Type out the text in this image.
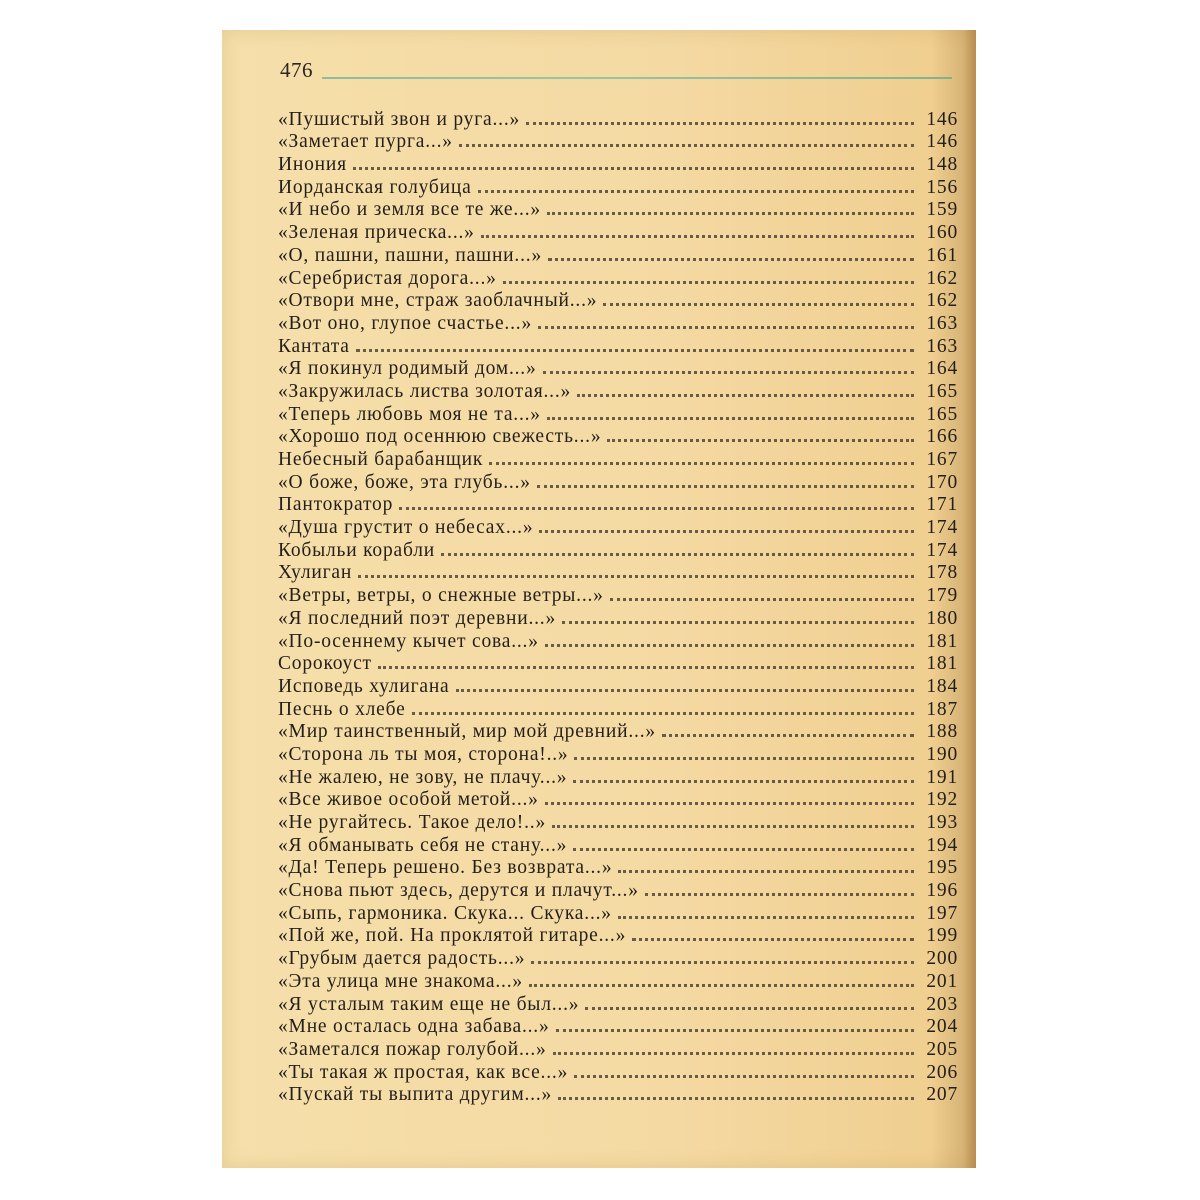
476
«Пушистый звон и руга...»	146
«Заметает пурга...»	146
Инония	148
Иорданская голубица	156
«И небо и земля все те же...»	159
«Зеленая прическа...»	160
«О, пашни, пашни, пашни...»	161
«Серебристая дорога...»	162
«Отвори мне, страж заоблачный...»	162
«Вот оно, глупое счастье...»	163
Кантата	163
«Я покинул родимый дом...»	164
«Закружилась листва золотая...»	165
«Теперь любовь моя не та...»	165
«Хорошо под осеннюю свежесть...»	166
Небесный барабанщик	167
«О боже, боже, эта глубь...»	170
Пантократор	171
«Душа грустит о небесах...»	174
Кобыльи корабли	174
Хулиган	178
«Ветры, ветры, о снежные ветры...»	179
«Я последний поэт деревни...»	180
«По-осеннему кычет сова...»	181
Сорокоуст	181
Исповедь хулигана	184
Песнь о хлебе	187
«Мир таинственный, мир мой древний...»	188
«Сторона ль ты моя, сторона!..»	190
«Не жалею, не зову, не плачу...»	191
«Все живое особой метой...»	192
«Не ругайтесь. Такое дело!..»	193
«Я обманывать себя не стану...»	194
«Да! Теперь решено. Без возврата...»	195
«Снова пьют здесь, дерутся и плачут...»	196
«Сыпь, гармоника. Скука... Скука...»	197
«Пой же, пой. На проклятой гитаре...»	199
«Грубым дается радость...»	200
«Эта улица мне знакома...»	201
«Я усталым таким еще не был...»	203
«Мне осталась одна забава...»	204
«Заметался пожар голубой...»	205
«Ты такая ж простая, как все...»	206
«Пускай ты выпита другим...»	207
